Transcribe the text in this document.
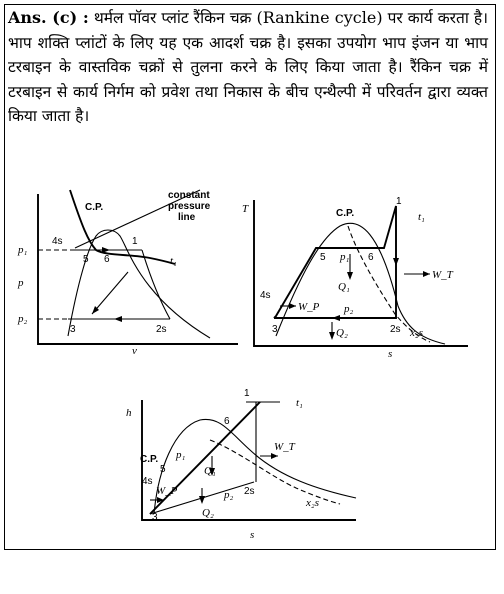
Ans. (c) : थर्मल पॉवर प्लांट रैंकिन चक्र (Rankine cycle) पर कार्य करता है। भाप शक्ति प्लांटों के लिए यह एक आदर्श चक्र है। इसका उपयोग भाप इंजन या भाप टरबाइन के वास्तविक चक्रों से तुलना करने के लिए किया जाता है। रैंकिन चक्र में टरबाइन से कार्य निर्गम को प्रवेश तथा निकास के बीच एन्थैल्पी में परिवर्तन द्वारा व्यक्त किया जाता है।
C.P.
constant
pressure
line
p₁
p
p₂
v
t₁
4s
5 6
1
3	2s
T
s
C.P.
1
t₁
5 p₁ 6
W_T
Q₁
4s
W_P p₂
3	Q₂	2s x₂s
h
s
1
t₁
6
C.P. p₁
Q₁
W_T
5
4s
W_P	p₂ 2s
3	Q₂
x₂s
